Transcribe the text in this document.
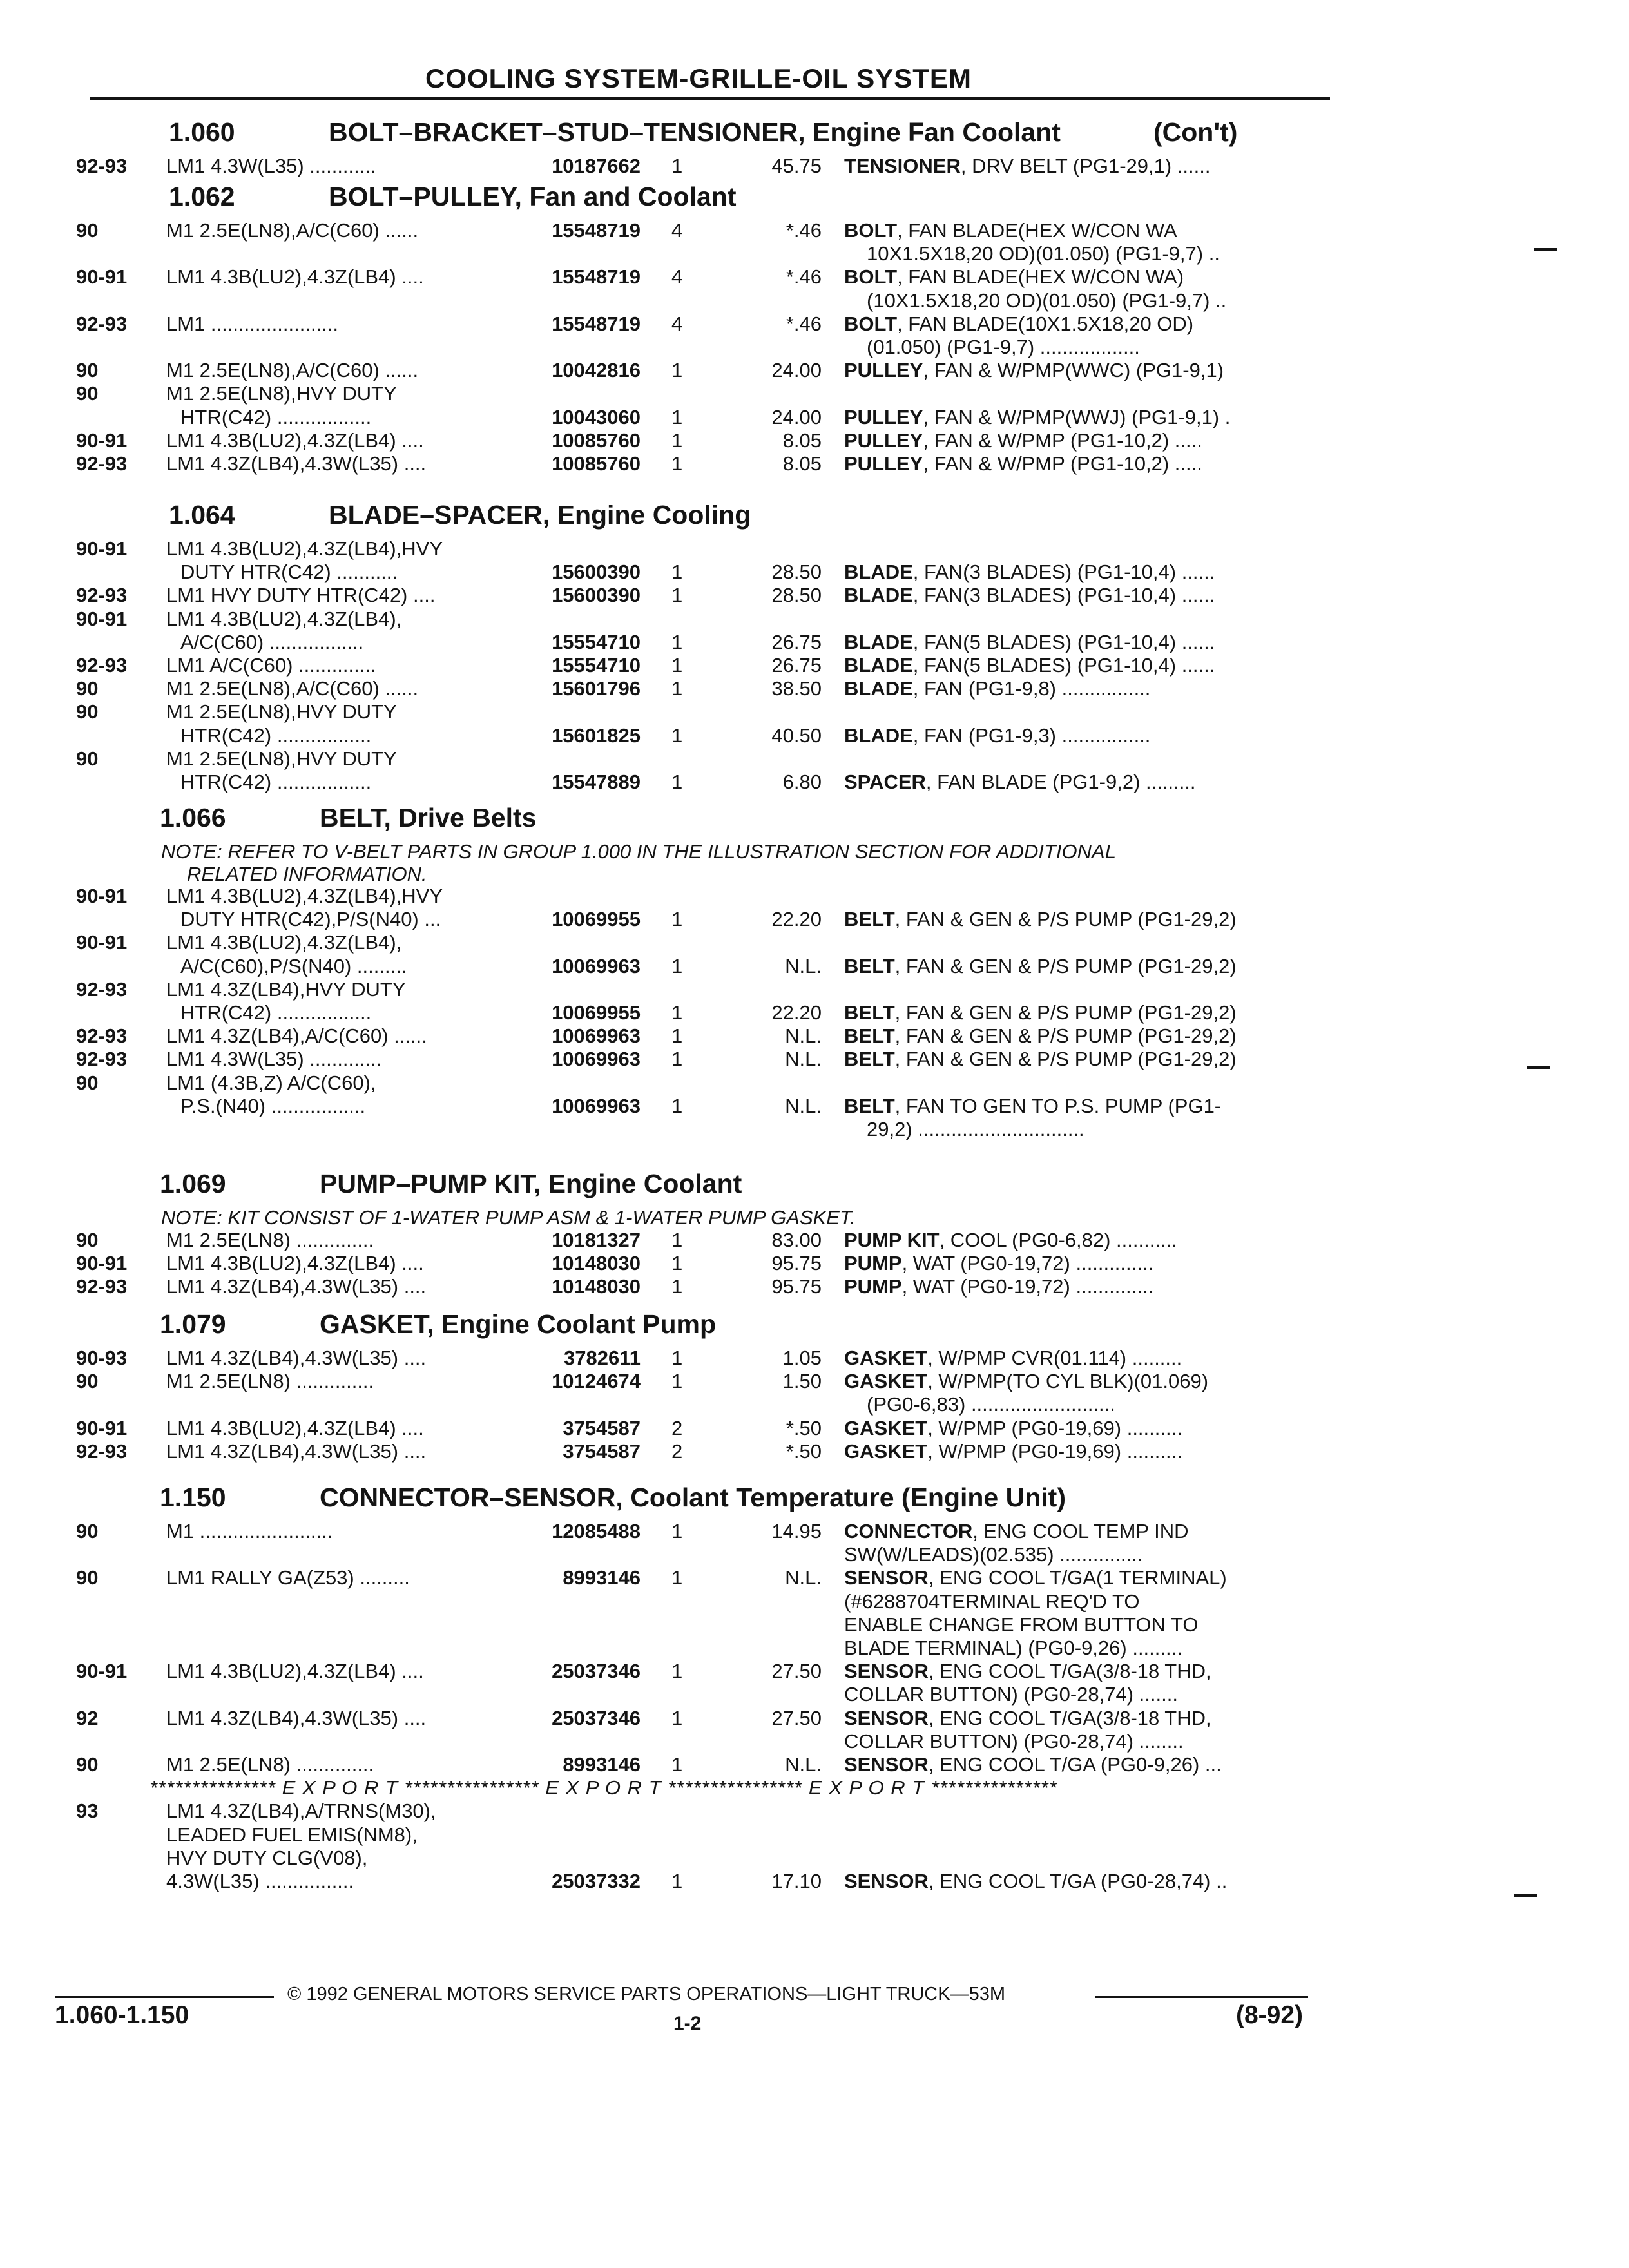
COOLING SYSTEM-GRILLE-OIL SYSTEM
1.060	BOLT–BRACKET–STUD–TENSIONER, Engine Fan Coolant	(Con't)
92-93 LM1 4.3W(L35) ............	10187662 1	45.75 TENSIONER, DRV BELT (PG1-29,1) ......
1.062	BOLT–PULLEY, Fan and Coolant
90	M1 2.5E(LN8),A/C(C60) ......	15548719 4	*.46 BOLT, FAN BLADE(HEX W/CON WA
10X1.5X18,20 OD)(01.050) (PG1-9,7) ..
90-91 LM1 4.3B(LU2),4.3Z(LB4) ....	15548719 4	*.46 BOLT, FAN BLADE(HEX W/CON WA)
(10X1.5X18,20 OD)(01.050) (PG1-9,7) ..
92-93 LM1 .......................	15548719 4	*.46 BOLT, FAN BLADE(10X1.5X18,20 OD)
(01.050) (PG1-9,7) ..................
90	M1 2.5E(LN8),A/C(C60) ......	10042816 1	24.00 PULLEY, FAN & W/PMP(WWC) (PG1-9,1)
90	M1 2.5E(LN8),HVY DUTY
HTR(C42) .................	10043060 1	24.00 PULLEY, FAN & W/PMP(WWJ) (PG1-9,1) .
90-91 LM1 4.3B(LU2),4.3Z(LB4) ....	10085760 1	8.05 PULLEY, FAN & W/PMP (PG1-10,2) .....
92-93 LM1 4.3Z(LB4),4.3W(L35) ....	10085760 1	8.05 PULLEY, FAN & W/PMP (PG1-10,2) .....
1.064	BLADE–SPACER, Engine Cooling
90-91 LM1 4.3B(LU2),4.3Z(LB4),HVY
DUTY HTR(C42) ...........	15600390 1	28.50 BLADE, FAN(3 BLADES) (PG1-10,4) ......
92-93 LM1 HVY DUTY HTR(C42) ....	15600390 1	28.50 BLADE, FAN(3 BLADES) (PG1-10,4) ......
90-91 LM1 4.3B(LU2),4.3Z(LB4),
A/C(C60) .................	15554710 1	26.75 BLADE, FAN(5 BLADES) (PG1-10,4) ......
92-93 LM1 A/C(C60) ..............	15554710 1	26.75 BLADE, FAN(5 BLADES) (PG1-10,4) ......
90	M1 2.5E(LN8),A/C(C60) ......	15601796 1	38.50 BLADE, FAN (PG1-9,8) ................
90	M1 2.5E(LN8),HVY DUTY
HTR(C42) .................	15601825 1	40.50 BLADE, FAN (PG1-9,3) ................
90	M1 2.5E(LN8),HVY DUTY
HTR(C42) .................	15547889 1	6.80 SPACER, FAN BLADE (PG1-9,2) .........
1.066	BELT, Drive Belts
NOTE: REFER TO V-BELT PARTS IN GROUP 1.000 IN THE ILLUSTRATION SECTION FOR ADDITIONAL
RELATED INFORMATION.
90-91 LM1 4.3B(LU2),4.3Z(LB4),HVY
DUTY HTR(C42),P/S(N40) ...	10069955 1	22.20 BELT, FAN & GEN & P/S PUMP (PG1-29,2)
90-91 LM1 4.3B(LU2),4.3Z(LB4),
A/C(C60),P/S(N40) .........	10069963 1	N.L. BELT, FAN & GEN & P/S PUMP (PG1-29,2)
92-93 LM1 4.3Z(LB4),HVY DUTY
HTR(C42) .................	10069955 1	22.20 BELT, FAN & GEN & P/S PUMP (PG1-29,2)
92-93 LM1 4.3Z(LB4),A/C(C60) ......	10069963 1	N.L. BELT, FAN & GEN & P/S PUMP (PG1-29,2)
92-93 LM1 4.3W(L35) .............	10069963 1	N.L. BELT, FAN & GEN & P/S PUMP (PG1-29,2)
90	LM1 (4.3B,Z) A/C(C60),
P.S.(N40) .................	10069963 1	N.L. BELT, FAN TO GEN TO P.S. PUMP (PG1-
29,2) ..............................
1.069	PUMP–PUMP KIT, Engine Coolant
NOTE: KIT CONSIST OF 1-WATER PUMP ASM & 1-WATER PUMP GASKET.
90	M1 2.5E(LN8) ..............	10181327 1	83.00 PUMP KIT, COOL (PG0-6,82) ...........
90-91 LM1 4.3B(LU2),4.3Z(LB4) ....	10148030 1	95.75 PUMP, WAT (PG0-19,72) ..............
92-93 LM1 4.3Z(LB4),4.3W(L35) ....	10148030 1	95.75 PUMP, WAT (PG0-19,72) ..............
1.079	GASKET, Engine Coolant Pump
90-93 LM1 4.3Z(LB4),4.3W(L35) ....	3782611 1	1.05 GASKET, W/PMP CVR(01.114) .........
90	M1 2.5E(LN8) ..............	10124674 1	1.50 GASKET, W/PMP(TO CYL BLK)(01.069)
(PG0-6,83) ..........................
90-91 LM1 4.3B(LU2),4.3Z(LB4) ....	3754587 2	*.50 GASKET, W/PMP (PG0-19,69) ..........
92-93 LM1 4.3Z(LB4),4.3W(L35) ....	3754587 2	*.50 GASKET, W/PMP (PG0-19,69) ..........
1.150	CONNECTOR–SENSOR, Coolant Temperature (Engine Unit)
90	M1 ........................	12085488 1	14.95 CONNECTOR, ENG COOL TEMP IND
SW(W/LEADS)(02.535) ...............
90	LM1 RALLY GA(Z53) .........	8993146 1	N.L. SENSOR, ENG COOL T/GA(1 TERMINAL)
(#6288704TERMINAL REQ'D TO
ENABLE CHANGE FROM BUTTON TO
BLADE TERMINAL) (PG0-9,26) .........
90-91 LM1 4.3B(LU2),4.3Z(LB4) ....	25037346 1	27.50 SENSOR, ENG COOL T/GA(3/8-18 THD,
COLLAR BUTTON) (PG0-28,74) .......
92	LM1 4.3Z(LB4),4.3W(L35) ....	25037346 1	27.50 SENSOR, ENG COOL T/GA(3/8-18 THD,
COLLAR BUTTON) (PG0-28,74) ........
90	M1 2.5E(LN8) ..............	8993146 1	N.L. SENSOR, ENG COOL T/GA (PG0-9,26) ...
*************** E X P O R T **************** E X P O R T **************** E X P O R T ***************
93	LM1 4.3Z(LB4),A/TRNS(M30),
LEADED FUEL EMIS(NM8),
HVY DUTY CLG(V08),
4.3W(L35) ................	25037332 1	17.10 SENSOR, ENG COOL T/GA (PG0-28,74) ..
© 1992 GENERAL MOTORS SERVICE PARTS OPERATIONS—LIGHT TRUCK—53M
1.060-1.150	1-2	(8-92)
